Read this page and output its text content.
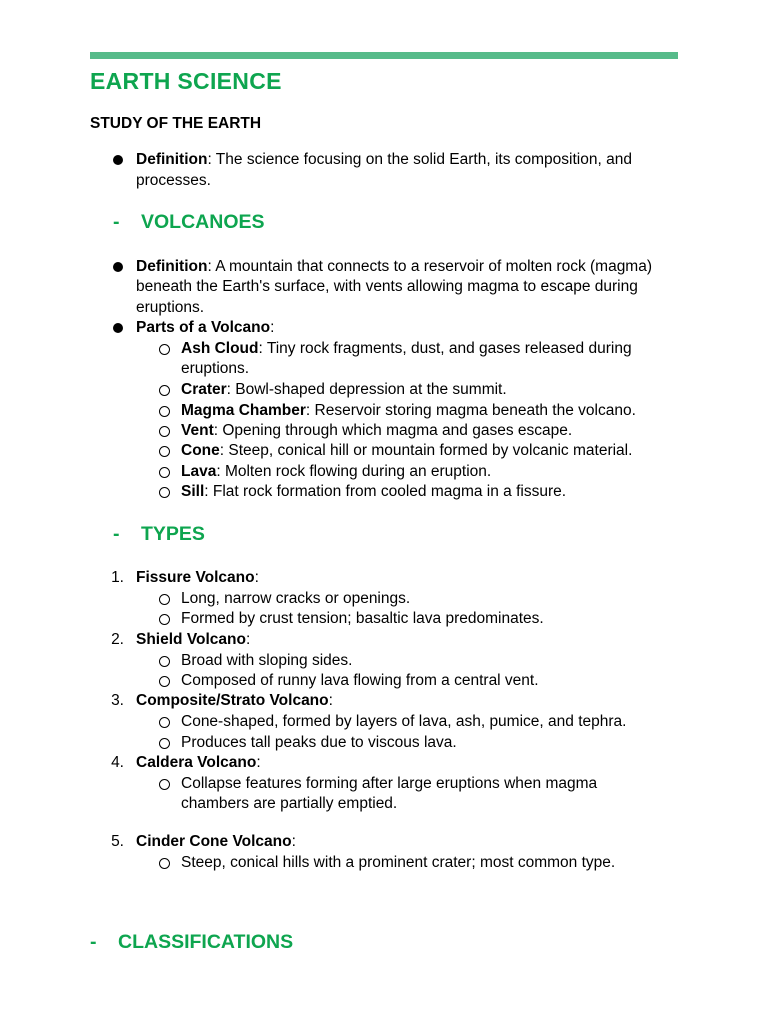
EARTH SCIENCE
STUDY OF THE EARTH
Definition: The science focusing on the solid Earth, its composition, and
processes.
- VOLCANOES
Definition: A mountain that connects to a reservoir of molten rock (magma)
beneath the Earth's surface, with vents allowing magma to escape during
eruptions.
Parts of a Volcano:
Ash Cloud: Tiny rock fragments, dust, and gases released during
eruptions.
Crater: Bowl-shaped depression at the summit.
Magma Chamber: Reservoir storing magma beneath the volcano.
Vent: Opening through which magma and gases escape.
Cone: Steep, conical hill or mountain formed by volcanic material.
Lava: Molten rock flowing during an eruption.
Sill: Flat rock formation from cooled magma in a fissure.
- TYPES
1. Fissure Volcano:
Long, narrow cracks or openings.
Formed by crust tension; basaltic lava predominates.
2. Shield Volcano:
Broad with sloping sides.
Composed of runny lava flowing from a central vent.
3. Composite/Strato Volcano:
Cone-shaped, formed by layers of lava, ash, pumice, and tephra.
Produces tall peaks due to viscous lava.
4. Caldera Volcano:
Collapse features forming after large eruptions when magma
chambers are partially emptied.
5. Cinder Cone Volcano:
Steep, conical hills with a prominent crater; most common type.
- CLASSIFICATIONS
